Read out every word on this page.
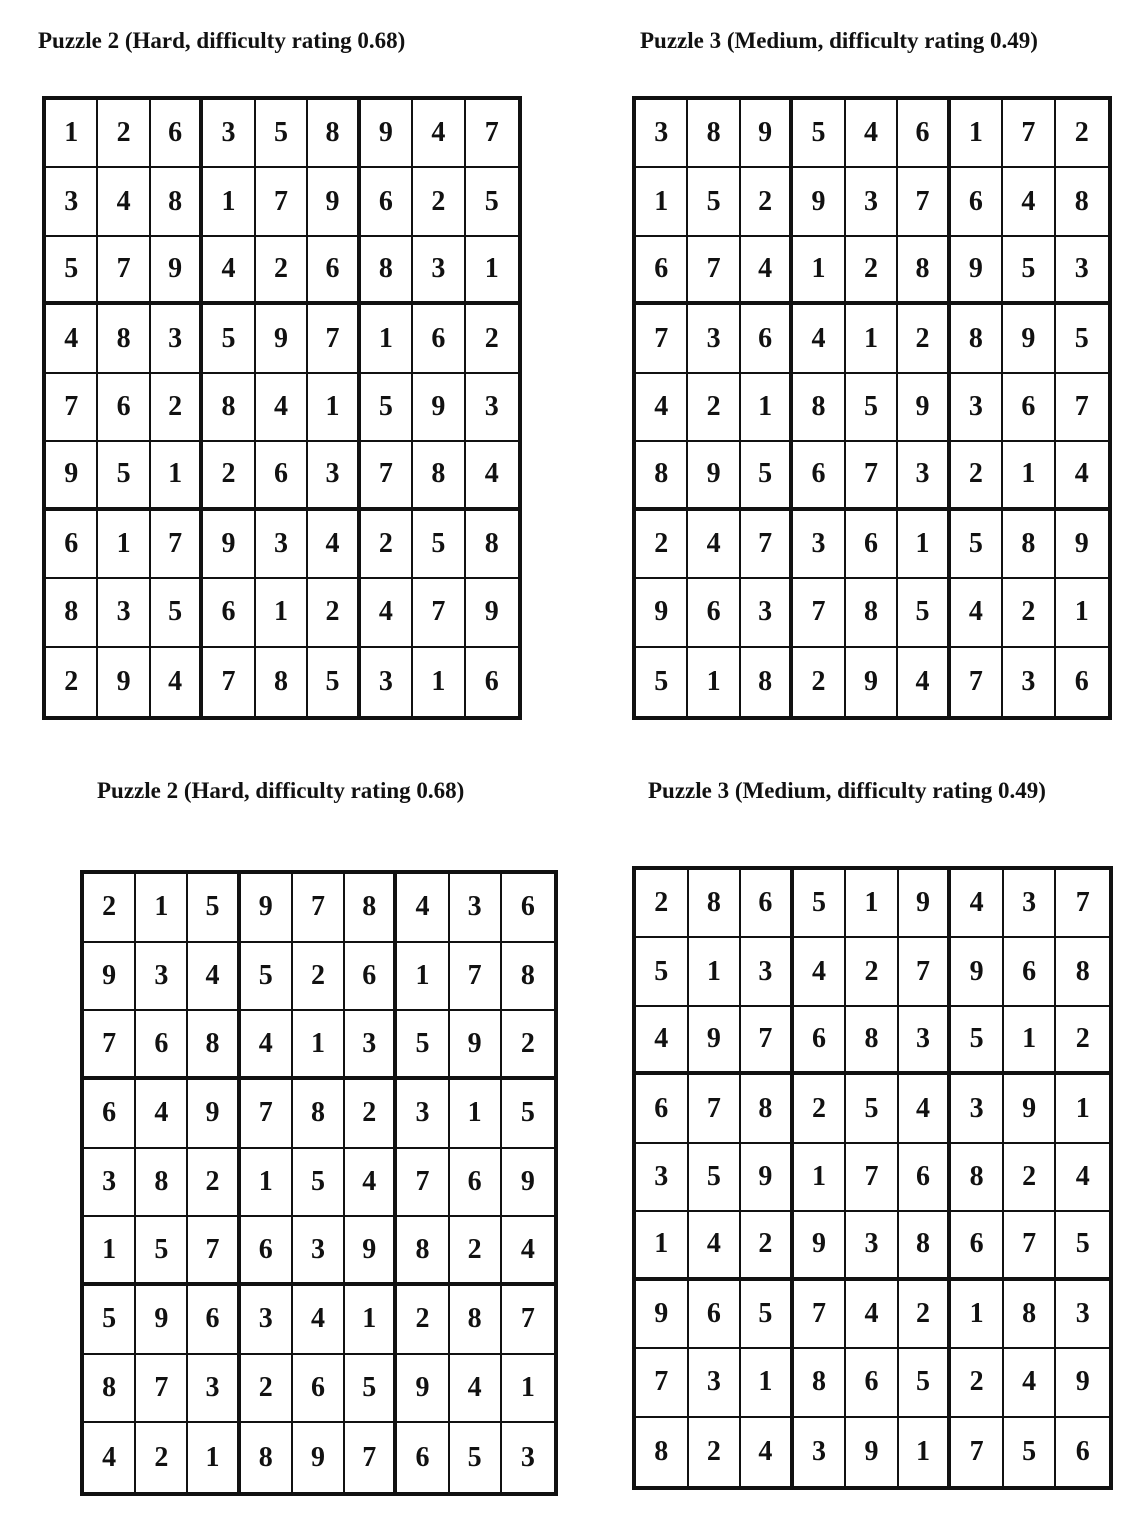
Puzzle 2 (Hard, difficulty rating 0.68)
1	2	6	3	5	8	9	4	7
3	4	8	1	7	9	6	2	5
5	7	9	4	2	6	8	3	1
4	8	3	5	9	7	1	6	2
7	6	2	8	4	1	5	9	3
9	5	1	2	6	3	7	8	4
6	1	7	9	3	4	2	5	8
8	3	5	6	1	2	4	7	9
2	9	4	7	8	5	3	1	6
Puzzle 3 (Medium, difficulty rating 0.49)
3	8	9	5	4	6	1	7	2
1	5	2	9	3	7	6	4	8
6	7	4	1	2	8	9	5	3
7	3	6	4	1	2	8	9	5
4	2	1	8	5	9	3	6	7
8	9	5	6	7	3	2	1	4
2	4	7	3	6	1	5	8	9
9	6	3	7	8	5	4	2	1
5	1	8	2	9	4	7	3	6
Puzzle 2 (Hard, difficulty rating 0.68)
2	1	5	9	7	8	4	3	6
9	3	4	5	2	6	1	7	8
7	6	8	4	1	3	5	9	2
6	4	9	7	8	2	3	1	5
3	8	2	1	5	4	7	6	9
1	5	7	6	3	9	8	2	4
5	9	6	3	4	1	2	8	7
8	7	3	2	6	5	9	4	1
4	2	1	8	9	7	6	5	3
Puzzle 3 (Medium, difficulty rating 0.49)
2	8	6	5	1	9	4	3	7
5	1	3	4	2	7	9	6	8
4	9	7	6	8	3	5	1	2
6	7	8	2	5	4	3	9	1
3	5	9	1	7	6	8	2	4
1	4	2	9	3	8	6	7	5
9	6	5	7	4	2	1	8	3
7	3	1	8	6	5	2	4	9
8	2	4	3	9	1	7	5	6
